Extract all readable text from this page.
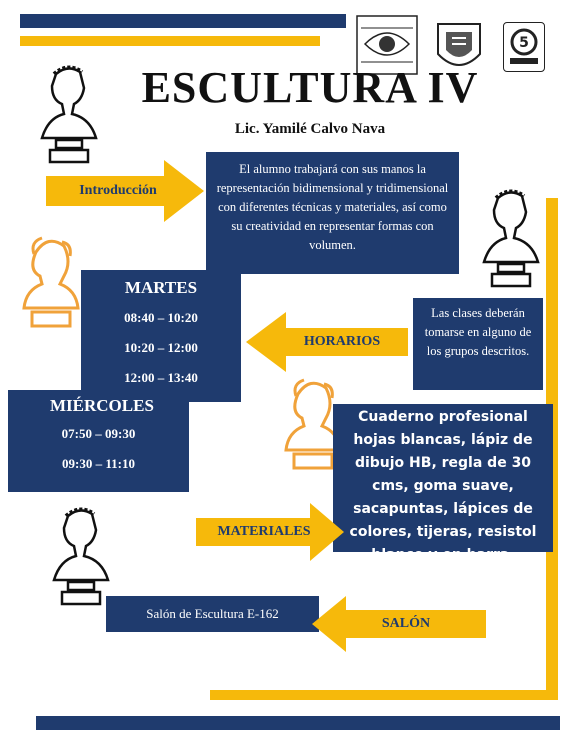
5
ESCULTURA IV
Lic. Yamilé Calvo Nava
Introducción
El alumno trabajará con sus manos la representación bidimensional y tridimensional con diferentes técnicas y materiales, así como su creatividad en representar formas con volumen.
HORARIOS
Las clases deberán tomarse en alguno de los grupos descritos.
MARTES
08:40 – 10:20
10:20 – 12:00
12:00 – 13:40
MIÉRCOLES
07:50 – 09:30
09:30 – 11:10
Cuaderno profesional hojas blancas, lápiz de dibujo HB, regla de 30 cms, goma suave, sacapuntas, lápices de colores, tijeras, resistol blanco y en barra.
MATERIALES
Salón de Escultura E-162
SALÓN
